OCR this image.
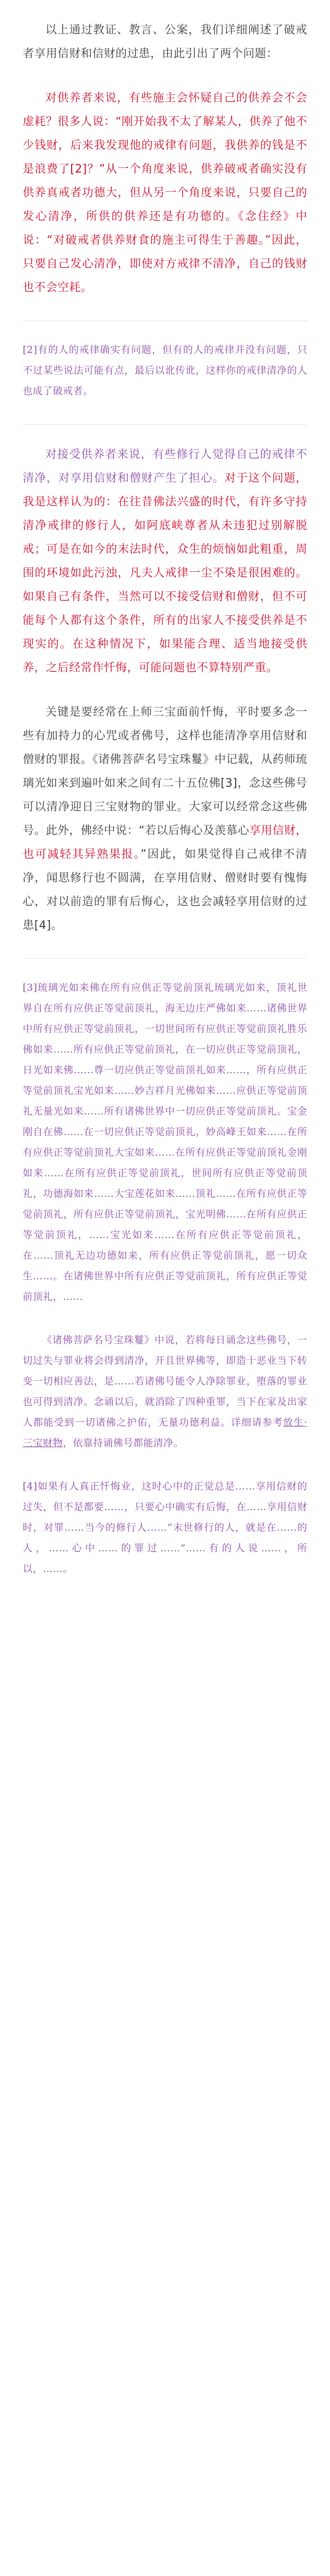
以上通过教证、教言、公案，我们详细阐述了破戒者享用信财和信财的过患，由此引出了两个问题：

对供养者来说，有些施主会怀疑自己的供养会不会虚耗？很多人说：“刚开始我不太了解某人，供养了他不少钱财，后来我发现他的戒律有问题，我供养的钱是不是浪费了[2]？”从一个角度来说，供养破戒者确实没有供养真戒者功德大，但从另一个角度来说，只要自己的发心清净，所供的供养还是有功德的。《念住经》中说：“对破戒者供养财食的施主可得生于善趣。”因此，只要自己发心清净，即使对方戒律不清净，自己的钱财也不会空耗。

[2]有的人的戒律确实有问题，但有的人的戒律并没有问题，只不过某些说法可能有点，最后以讹传讹，这样你的戒律清净的人也成了破戒者。

对接受供养者来说，有些修行人觉得自己的戒律不清净，对享用信财和僧财产生了担心。对于这个问题，我是这样认为的：在往昔佛法兴盛的时代，有许多守持清净戒律的修行人，如阿底峡尊者从未违犯过别解脱戒；可是在如今的末法时代，众生的烦恼如此粗重，周围的环境如此污浊，凡夫人戒律一尘不染是很困难的。如果自己有条件，当然可以不接受信财和僧财，但不可能每个人都有这个条件，所有的出家人不接受供养是不现实的。在这种情况下，如果能合理、适当地接受供养，之后经常作忏悔，可能问题也不算特别严重。

关键是要经常在上师三宝面前忏悔，平时要多念一些有加持力的心咒或者佛号，这样也能清净享用信财和僧财的罪报。《诸佛菩萨名号宝珠鬘》中记载，从药师琉璃光如来到遍叶如来之间有二十五位佛[3]，念这些佛号可以清净迎日三宝财物的罪业。大家可以经常念这些佛号。此外，佛经中说：“若以后悔心及羡慕心享用信财，也可减轻其异熟果报。”因此，如果觉得自己戒律不清净，闻思修行也不圆满，在享用信财、僧财时要有愧悔心，对以前造的罪有后悔心，这也会减轻享用信财的过患[4]。

[3]琉璃光如来佛在所有应供正等觉前顶礼琉璃光如来，顶礼世界自在所有应供正等觉前顶礼，海无边庄严佛如来……诸佛世界中所有应供正等觉前顶礼，一切世间所有应供正等觉前顶礼胜乐佛如来……所有应供正等觉前顶礼，在一切应供正等觉前顶礼，日光如来佛……尊一切应供正等觉前顶礼如来……，所有应供正等觉前顶礼宝光如来……妙吉祥月光佛如来……应供正等觉前顶礼无量光如来……所有诸佛世界中一切应供正等觉前顶礼。宝金刚自在佛……在一切应供正等觉前顶礼，妙高峰王如来……在所有应供正等觉前顶礼大宝如来……在所有应供正等觉前顶礼金刚如来……在所有应供正等觉前顶礼，世间所有应供正等觉前顶礼，功德海如来……大宝莲花如来……顶礼……在所有应供正等觉前顶礼，所有应供正等觉前顶礼，宝光明佛……在所有应供正等觉前顶礼，……宝光如来……在所有应供正等觉前顶礼，在……顶礼无边功德如来，所有应供正等觉前顶礼，愿一切众生……。在诸佛世界中所有应供正等觉前顶礼，所有应供正等觉前顶礼，……

《诸佛菩萨名号宝珠鬘》中说，若将每日诵念这些佛号，一切过失与罪业将会得到清净，开且世界佛等，即造十恶业当下转变一切相应善法，是……若诸佛号能令人净除罪业，堕落的罪业也可得到清净。念诵以后，就消除了四种重罪，当下在家及出家人都能受到一切诸佛之护佑，无量功德利益。详细请参考放生·三宝财物，依靠持诵佛号都能清净。

[4]如果有人真正忏悔业，这时心中的正觉总是……享用信财的过失，但不是都要……，只要心中确实有后悔，在……享用信财时，对罪……当今的修行人……“末世修行的人，就是在……的人，……心中……的罪过……”……有的人说……，所以，……。
